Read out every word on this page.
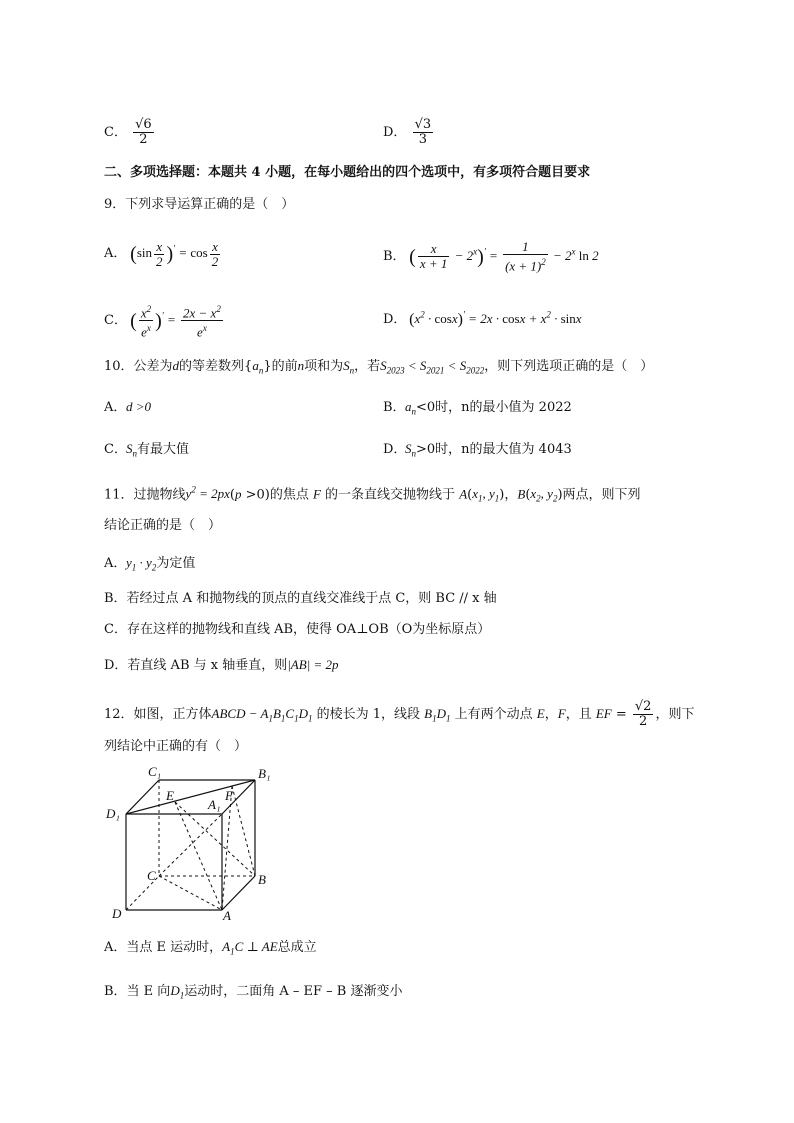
C． $\frac{√6}{2}$	D． $\frac{√3}{3}$
二、多项选择题：本题共 4 小题，在每小题给出的四个选项中，有多项符合题目要求
9．下列求导运算正确的是（　）
A． $(\sin \frac{x}{2} )' = \cos \frac{x}{2}$	B． ( $\frac{x}{x + 1} - 2^x)' = \frac{1}{(x + 1)^2} - 2^x$ ln 2
C． ( $\frac{x^2}{e^x} )' = \frac{2x - x^2}{e^x}$	D． $(x^2 \cdot \cos x)' = 2x \cdot \cos x + x^2 \cdot \sin x$
10．公差为d的等差数列$\{a_n\}$的前n项和为$S_n$，若$S_{2023} < S_{2021} < S_{2022}$，则下列选项正确的是（　）
A．d >0	B．$a_n<0$时，n的最小值为 2022
C．$S_n$有最大值	D．$S_n>0$时，n的最大值为 4043
11．过抛物线$y^2 = 2px(p >0)$的焦点 F 的一条直线交抛物线于 $A(x_1$, $y_1$)，$B(x_2$, $y_2$)两点，则下列
结论正确的是（　）
A．$y_1 \cdot y_2$为定值
B．若经过点 A 和抛物线的顶点的直线交准线于点 C，则 BC // x 轴
C．存在这样的抛物线和直线 AB，使得 OA⊥OB（O为坐标原点）
D．若直线 AB 与 x 轴垂直，则|AB| = 2p
12．如图，正方体ABCD − $A_1B_1C_1D_1$ 的棱长为 1，线段 $B_1D_1$ 上有两个动点 E，F，且 EF = $\frac{√2}{2}$ ，则下
列结论中正确的有（　）
C₁	B₁
D₁
A₁
E	F
C	B
D	A
A．当点 E 运动时，$A_1C$ ⊥ AE总成立
B．当 E 向$D_1$运动时，二面角 A – EF – B 逐渐变小
